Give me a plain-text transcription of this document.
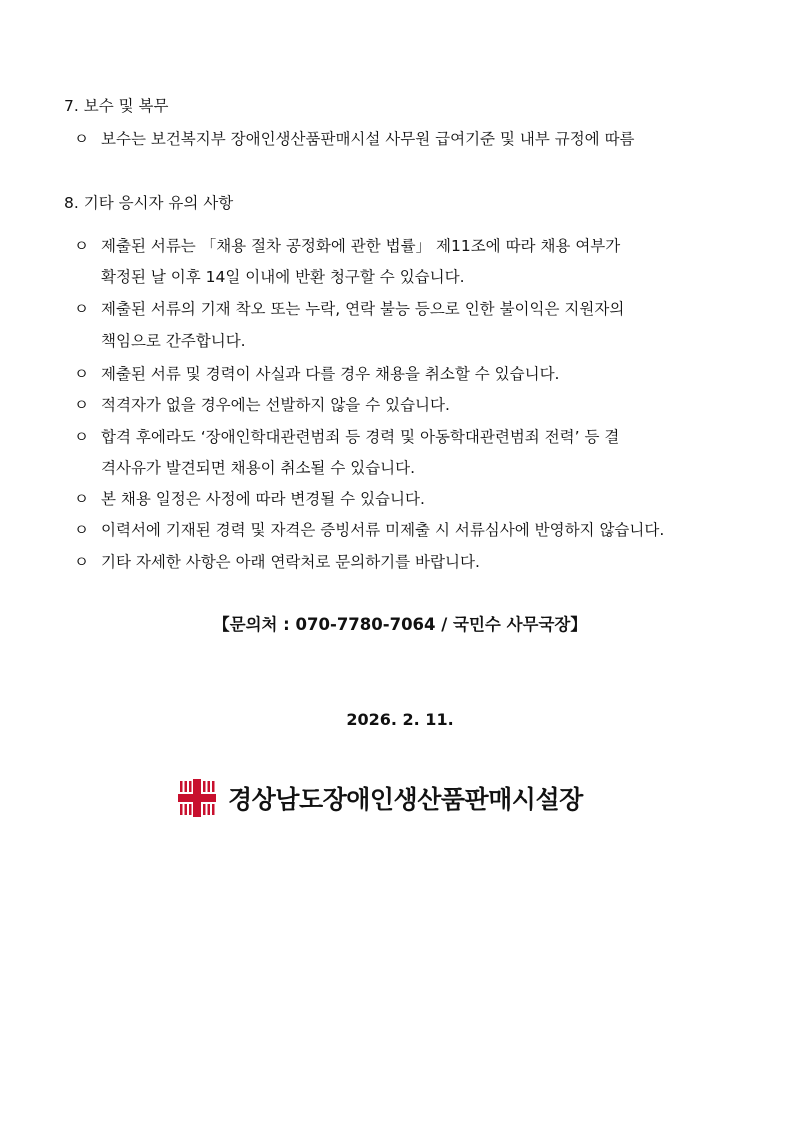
7. 보수 및 복무
ㅇ 보수는 보건복지부 장애인생산품판매시설 사무원 급여기준 및 내부 규정에 따름
8. 기타 응시자 유의 사항
ㅇ 제출된 서류는 「채용 절차 공정화에 관한 법률」 제11조에 따라 채용 여부가
확정된 날 이후 14일 이내에 반환 청구할 수 있습니다.
ㅇ 제출된 서류의 기재 착오 또는 누락, 연락 불능 등으로 인한 불이익은 지원자의
책임으로 간주합니다.
ㅇ 제출된 서류 및 경력이 사실과 다를 경우 채용을 취소할 수 있습니다.
ㅇ 적격자가 없을 경우에는 선발하지 않을 수 있습니다.
ㅇ 합격 후에라도 ‘장애인학대관련범죄 등 경력 및 아동학대관련범죄 전력’ 등 결
격사유가 발견되면 채용이 취소될 수 있습니다.
ㅇ 본 채용 일정은 사정에 따라 변경될 수 있습니다.
ㅇ 이력서에 기재된 경력 및 자격은 증빙서류 미제출 시 서류심사에 반영하지 않습니다.
ㅇ 기타 자세한 사항은 아래 연락처로 문의하기를 바랍니다.
【문의처 : 070-7780-7064 / 국민수 사무국장】
2026. 2. 11.
경상남도장애인생산품판매시설장
